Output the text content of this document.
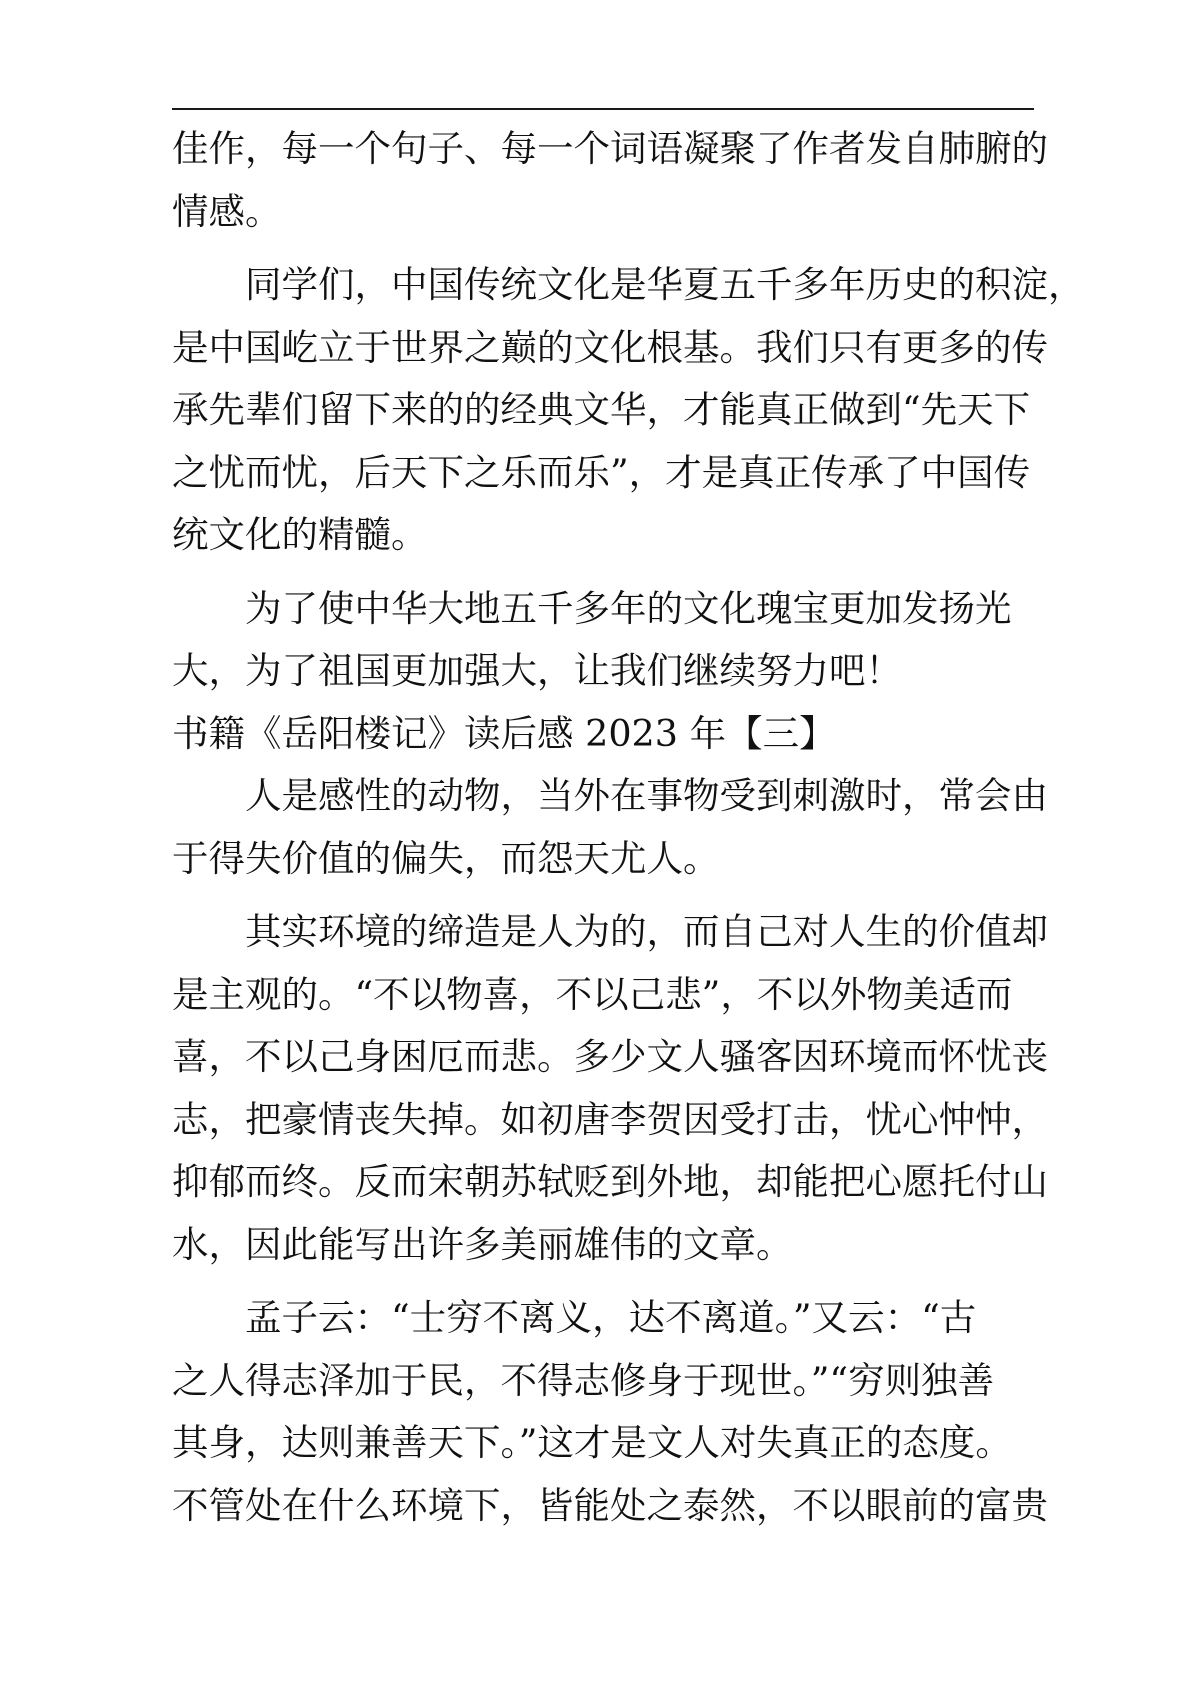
佳作，每一个句子、每一个词语凝聚了作者发自肺腑的
情感。
同学们，中国传统文化是华夏五千多年历史的积淀，
是中国屹立于世界之巅的文化根基。我们只有更多的传
承先辈们留下来的的经典文华，才能真正做到“先天下
之忧而忧，后天下之乐而乐”，才是真正传承了中国传
统文化的精髓。
为了使中华大地五千多年的文化瑰宝更加发扬光
大，为了祖国更加强大，让我们继续努力吧！
书籍《岳阳楼记》读后感 2023 年【三】
人是感性的动物，当外在事物受到刺激时，常会由
于得失价值的偏失，而怨天尤人。
其实环境的缔造是人为的，而自己对人生的价值却
是主观的。“不以物喜，不以己悲”，不以外物美适而
喜，不以己身困厄而悲。多少文人骚客因环境而怀忧丧
志，把豪情丧失掉。如初唐李贺因受打击，忧心忡忡，
抑郁而终。反而宋朝苏轼贬到外地，却能把心愿托付山
水，因此能写出许多美丽雄伟的文章。
孟子云：“士穷不离义，达不离道。”又云：“古
之人得志泽加于民，不得志修身于现世。”“穷则独善
其身，达则兼善天下。”这才是文人对失真正的态度。
不管处在什么环境下，皆能处之泰然，不以眼前的富贵
